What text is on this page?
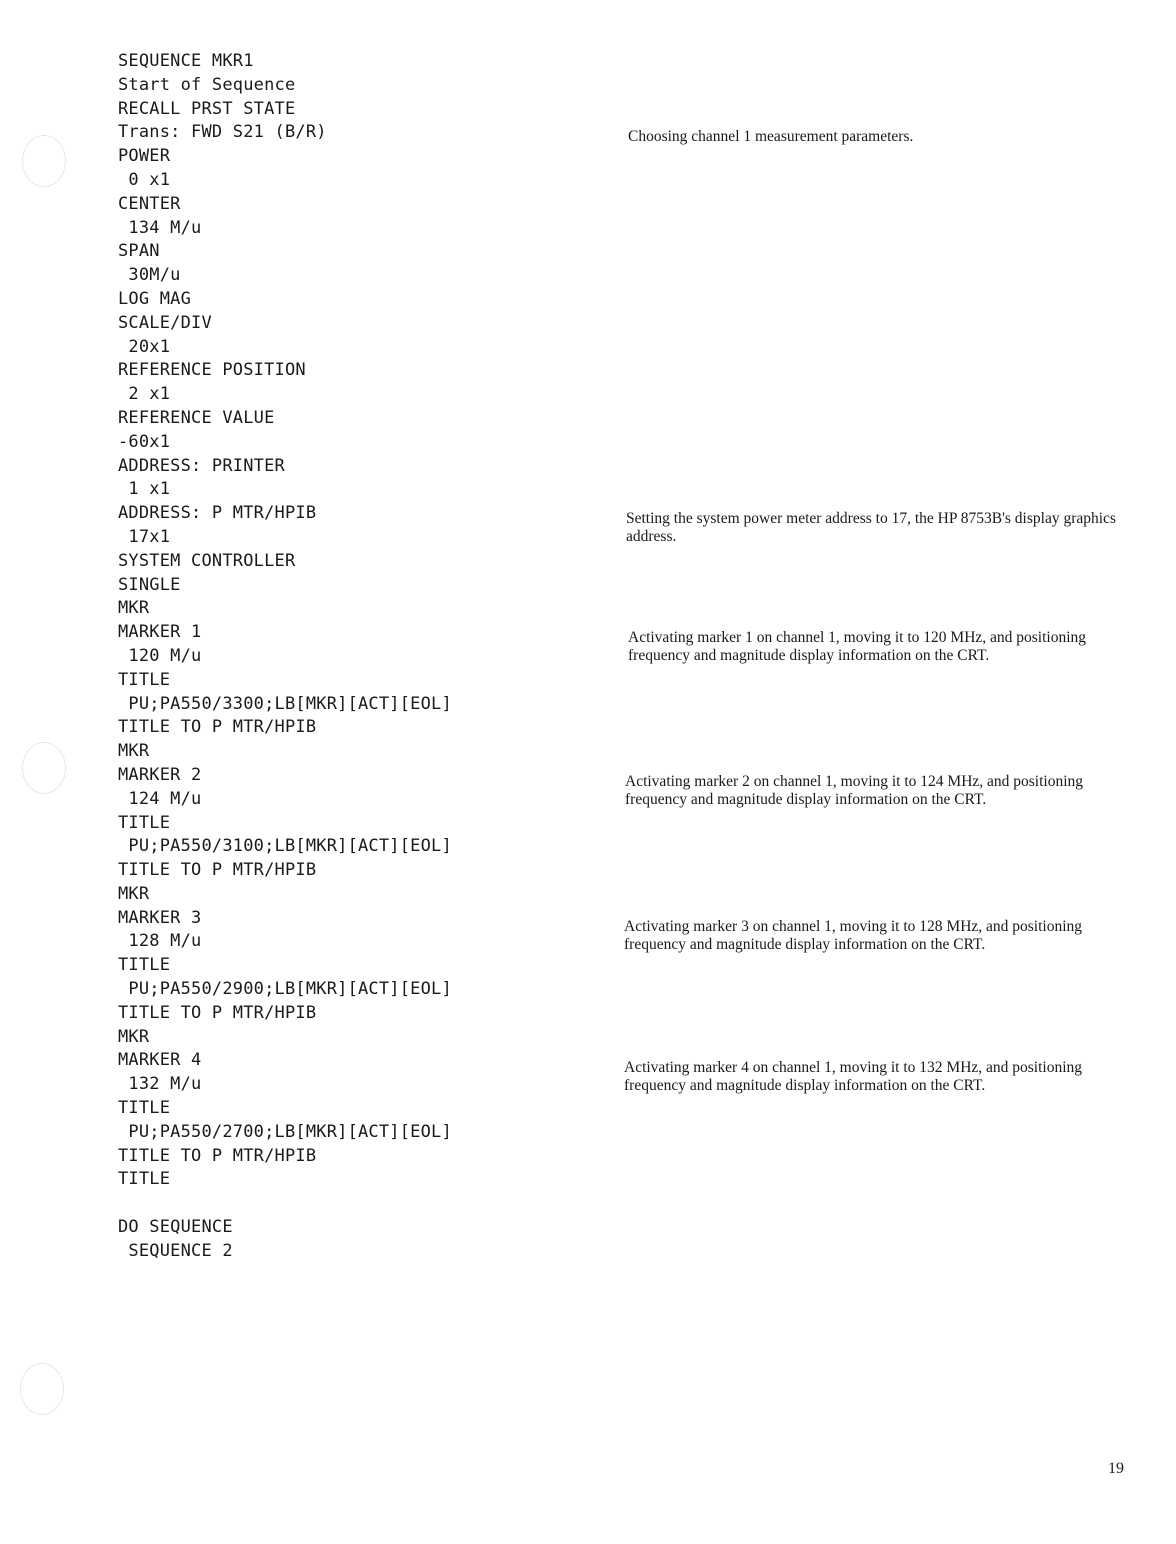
SEQUENCE MKR1
Start of Sequence
RECALL PRST STATE
Trans: FWD S21 (B/R)
POWER
0 x1
CENTER
134 M/u
SPAN
30M/u
LOG MAG
SCALE/DIV
20x1
REFERENCE POSITION
2 x1
REFERENCE VALUE
-60x1
ADDRESS: PRINTER
1 x1
ADDRESS: P MTR/HPIB
17x1
SYSTEM CONTROLLER
SINGLE
MKR
MARKER 1
120 M/u
TITLE
PU;PA550/3300;LB[MKR][ACT][EOL]
TITLE TO P MTR/HPIB
MKR
MARKER 2
124 M/u
TITLE
PU;PA550/3100;LB[MKR][ACT][EOL]
TITLE TO P MTR/HPIB
MKR
MARKER 3
128 M/u
TITLE
PU;PA550/2900;LB[MKR][ACT][EOL]
TITLE TO P MTR/HPIB
MKR
MARKER 4
132 M/u
TITLE
PU;PA550/2700;LB[MKR][ACT][EOL]
TITLE TO P MTR/HPIB
TITLE
DO SEQUENCE
SEQUENCE 2
Choosing channel 1 measurement parameters.
Setting the system power meter address to 17, the HP 8753B's display graphics address.
Activating marker 1 on channel 1, moving it to 120 MHz, and positioning frequency and magnitude display information on the CRT.
Activating marker 2 on channel 1, moving it to 124 MHz, and positioning frequency and magnitude display information on the CRT.
Activating marker 3 on channel 1, moving it to 128 MHz, and positioning frequency and magnitude display information on the CRT.
Activating marker 4 on channel 1, moving it to 132 MHz, and positioning frequency and magnitude display information on the CRT.
19
